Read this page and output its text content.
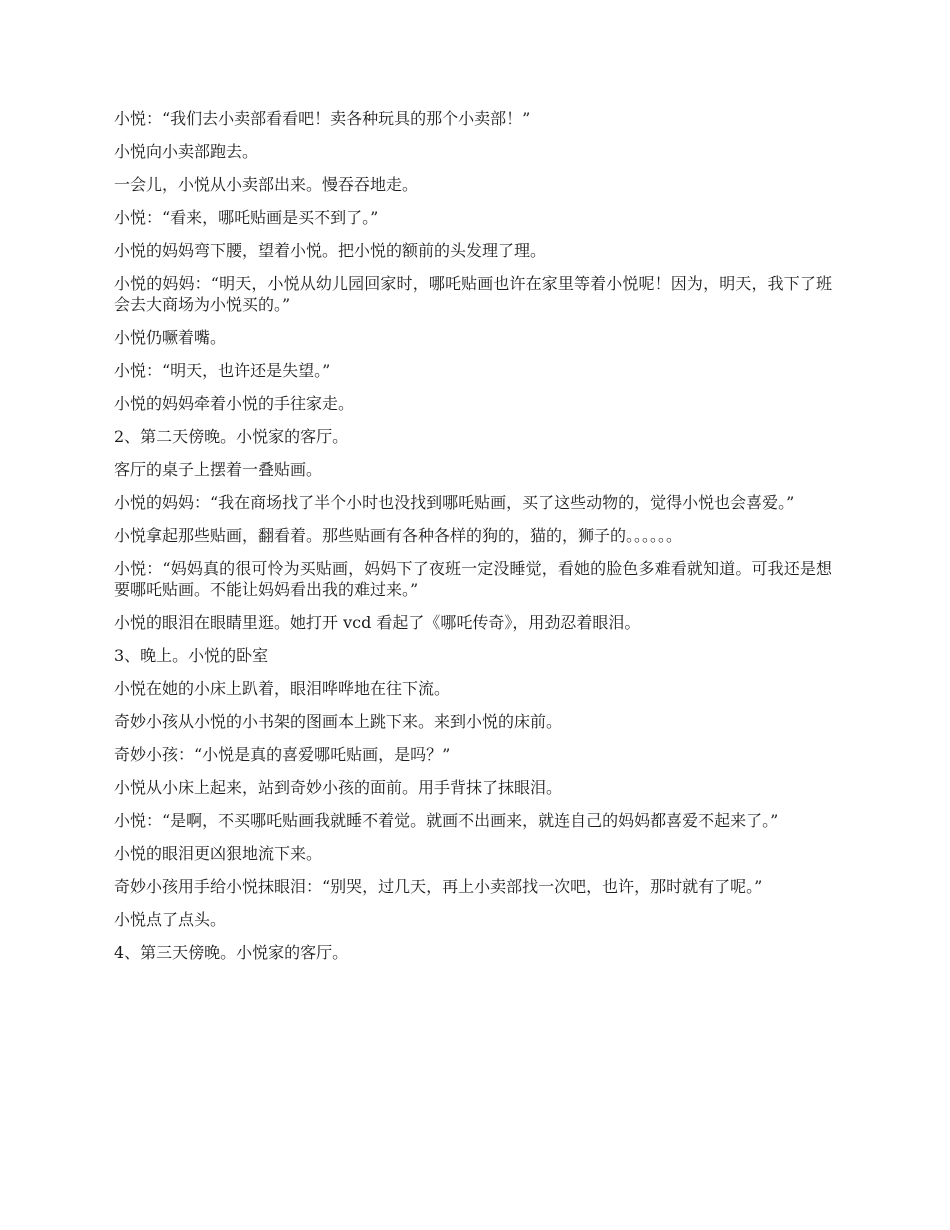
小悦：“我们去小卖部看看吧！卖各种玩具的那个小卖部！”

小悦向小卖部跑去。

一会儿，小悦从小卖部出来。慢吞吞地走。

小悦：“看来，哪吒贴画是买不到了。”

小悦的妈妈弯下腰，望着小悦。把小悦的额前的头发理了理。

小悦的妈妈：“明天，小悦从幼儿园回家时，哪吒贴画也许在家里等着小悦呢！因为，明天，我下了班会去大商场为小悦买的。”

小悦仍噘着嘴。

小悦：“明天，也许还是失望。”

小悦的妈妈牵着小悦的手往家走。

2、第二天傍晚。小悦家的客厅。

客厅的桌子上摆着一叠贴画。

小悦的妈妈：“我在商场找了半个小时也没找到哪吒贴画，买了这些动物的，觉得小悦也会喜爱。”

小悦拿起那些贴画，翻看着。那些贴画有各种各样的狗的，猫的，狮子的。。。。。。

小悦：“妈妈真的很可怜为买贴画，妈妈下了夜班一定没睡觉，看她的脸色多难看就知道。可我还是想要哪吒贴画。不能让妈妈看出我的难过来。”

小悦的眼泪在眼睛里逛。她打开 vcd 看起了《哪吒传奇》，用劲忍着眼泪。

3、晚上。小悦的卧室

小悦在她的小床上趴着，眼泪哗哗地在往下流。

奇妙小孩从小悦的小书架的图画本上跳下来。来到小悦的床前。

奇妙小孩：“小悦是真的喜爱哪吒贴画，是吗？”

小悦从小床上起来，站到奇妙小孩的面前。用手背抹了抹眼泪。

小悦：“是啊，不买哪吒贴画我就睡不着觉。就画不出画来，就连自己的妈妈都喜爱不起来了。”

小悦的眼泪更凶狠地流下来。

奇妙小孩用手给小悦抹眼泪：“别哭，过几天，再上小卖部找一次吧，也许，那时就有了呢。”

小悦点了点头。

4、第三天傍晚。小悦家的客厅。
